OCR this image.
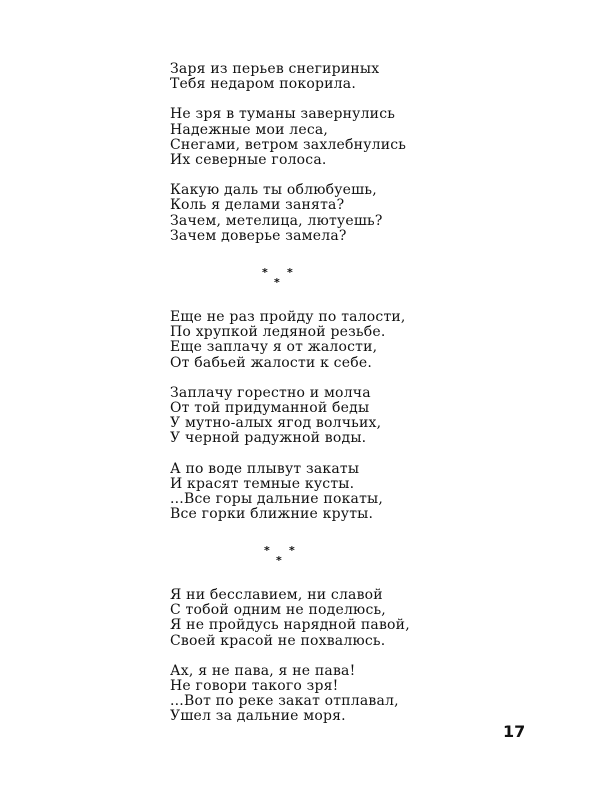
Заря из перьев снегириных
Тебя недаром покорила.
Не зря в туманы завернулись
Надежные мои леса,
Снегами, ветром захлебнулись
Их северные голоса.
Какую даль ты облюбуешь,
Коль я делами занята?
Зачем, метелица, лютуешь?
Зачем доверье замела?
*
*
*
Еще не раз пройду по талости,
По хрупкой ледяной резьбе.
Еще заплачу я от жалости,
От бабьей жалости к себе.
Заплачу горестно и молча
От той придуманной беды
У мутно-алых ягод волчьих,
У черной радужной воды.
А по воде плывут закаты
И красят темные кусты.
...Все горы дальние покаты,
Все горки ближние круты.
*
*
*
Я ни бесславием, ни славой
С тобой одним не поделюсь,
Я не пройдусь нарядной павой,
Своей красой не похвалюсь.
Ах, я не пава, я не пава!
Не говори такого зря!
...Вот по реке закат отплавал,
Ушел за дальние моря.
17
